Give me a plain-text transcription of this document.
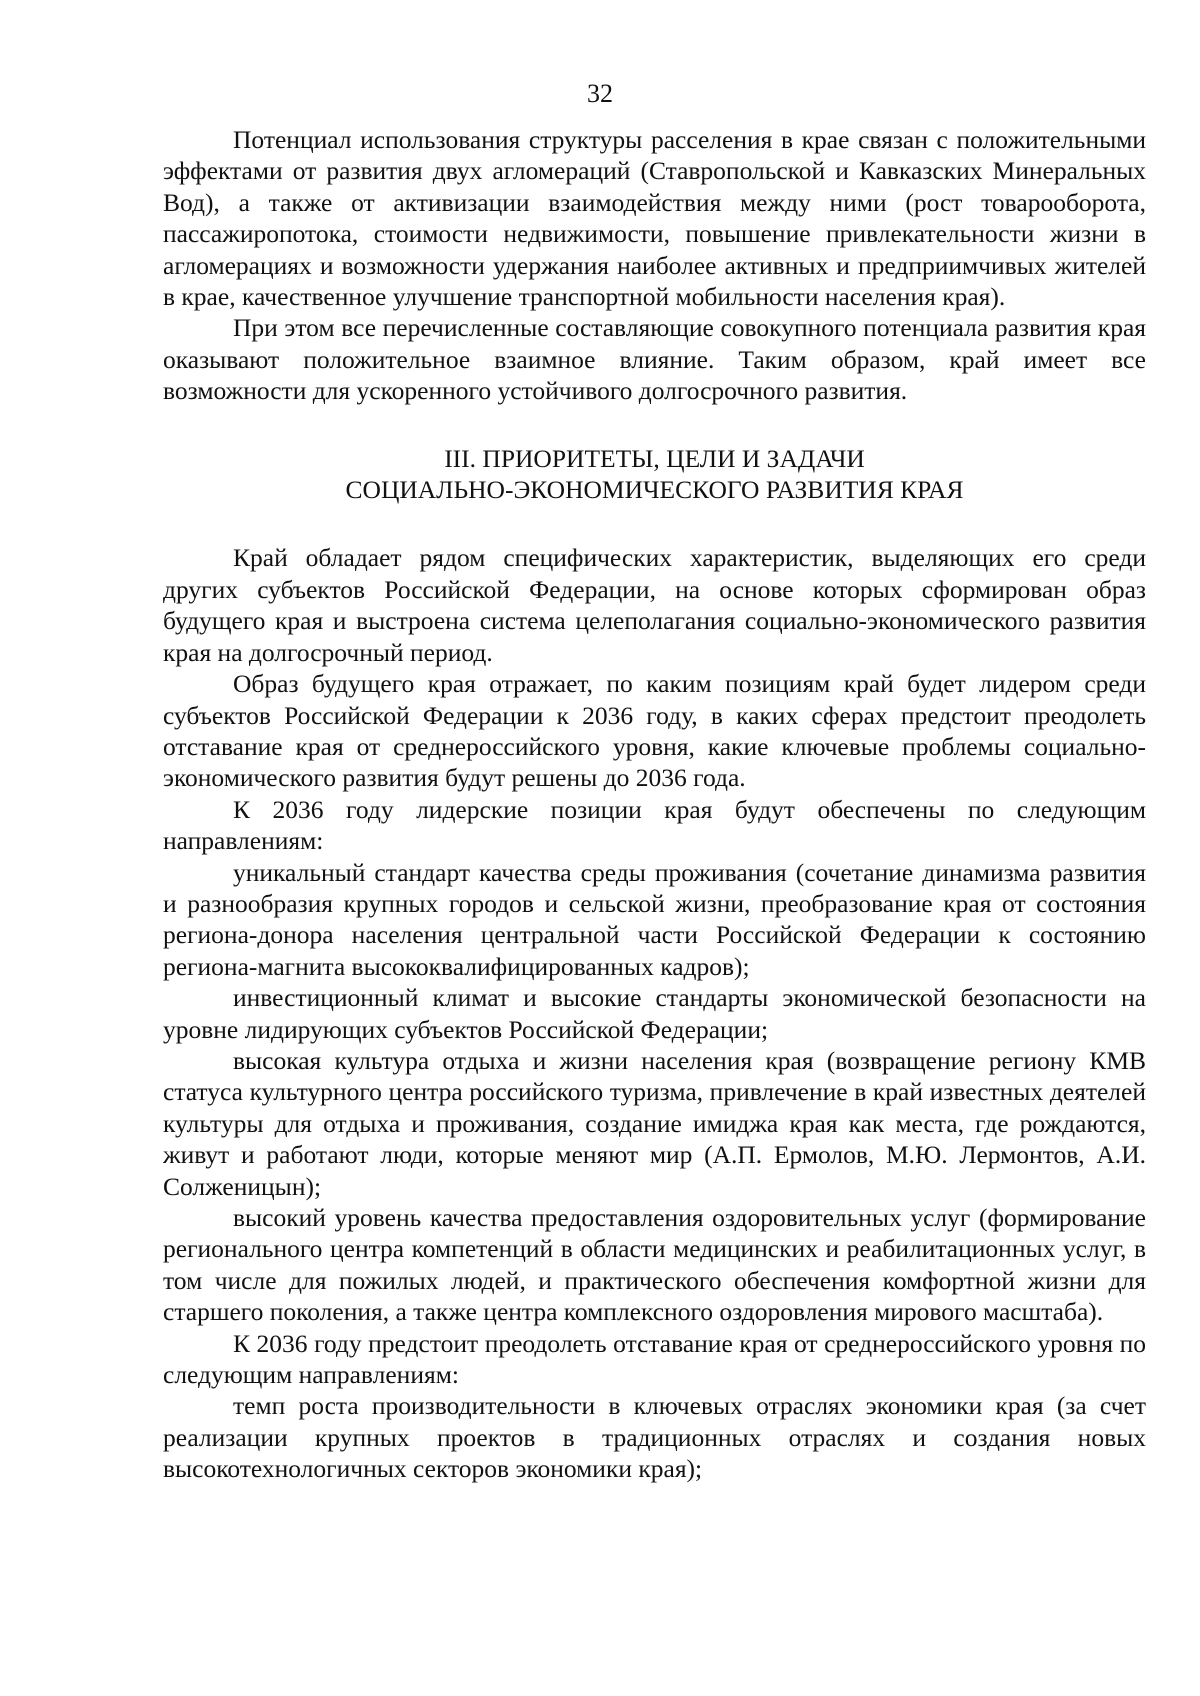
32

Потенциал использования структуры расселения в крае связан с положительными эффектами от развития двух агломераций (Ставропольской и Кавказских Минеральных Вод), а также от активизации взаимодействия между ними (рост товарооборота, пассажиропотока, стоимости недвижимости, повышение привлекательности жизни в агломерациях и возможности удержания наиболее активных и предприимчивых жителей в крае, качественное улучшение транспортной мобильности населения края).

При этом все перечисленные составляющие совокупного потенциала развития края оказывают положительное взаимное влияние. Таким образом, край имеет все возможности для ускоренного устойчивого долгосрочного развития.

III. ПРИОРИТЕТЫ, ЦЕЛИ И ЗАДАЧИ
СОЦИАЛЬНО-ЭКОНОМИЧЕСКОГО РАЗВИТИЯ КРАЯ

Край обладает рядом специфических характеристик, выделяющих его среди других субъектов Российской Федерации, на основе которых сформирован образ будущего края и выстроена система целеполагания социально-экономического развития края на долгосрочный период.

Образ будущего края отражает, по каким позициям край будет лидером среди субъектов Российской Федерации к 2036 году, в каких сферах предстоит преодолеть отставание края от среднероссийского уровня, какие ключевые проблемы социально-экономического развития будут решены до 2036 года.

К 2036 году лидерские позиции края будут обеспечены по следующим направлениям:

уникальный стандарт качества среды проживания (сочетание динамизма развития и разнообразия крупных городов и сельской жизни, преобразование края от состояния региона-донора населения центральной части Российской Федерации к состоянию региона-магнита высококвалифицированных кадров);

инвестиционный климат и высокие стандарты экономической безопасности на уровне лидирующих субъектов Российской Федерации;

высокая культура отдыха и жизни населения края (возвращение региону КМВ статуса культурного центра российского туризма, привлечение в край известных деятелей культуры для отдыха и проживания, создание имиджа края как места, где рождаются, живут и работают люди, которые меняют мир (А.П. Ермолов, М.Ю. Лермонтов, А.И. Солженицын);

высокий уровень качества предоставления оздоровительных услуг (формирование регионального центра компетенций в области медицинских и реабилитационных услуг, в том числе для пожилых людей, и практического обеспечения комфортной жизни для старшего поколения, а также центра комплексного оздоровления мирового масштаба).

К 2036 году предстоит преодолеть отставание края от среднероссийского уровня по следующим направлениям:

темп роста производительности в ключевых отраслях экономики края (за счет реализации крупных проектов в традиционных отраслях и создания новых высокотехнологичных секторов экономики края);
